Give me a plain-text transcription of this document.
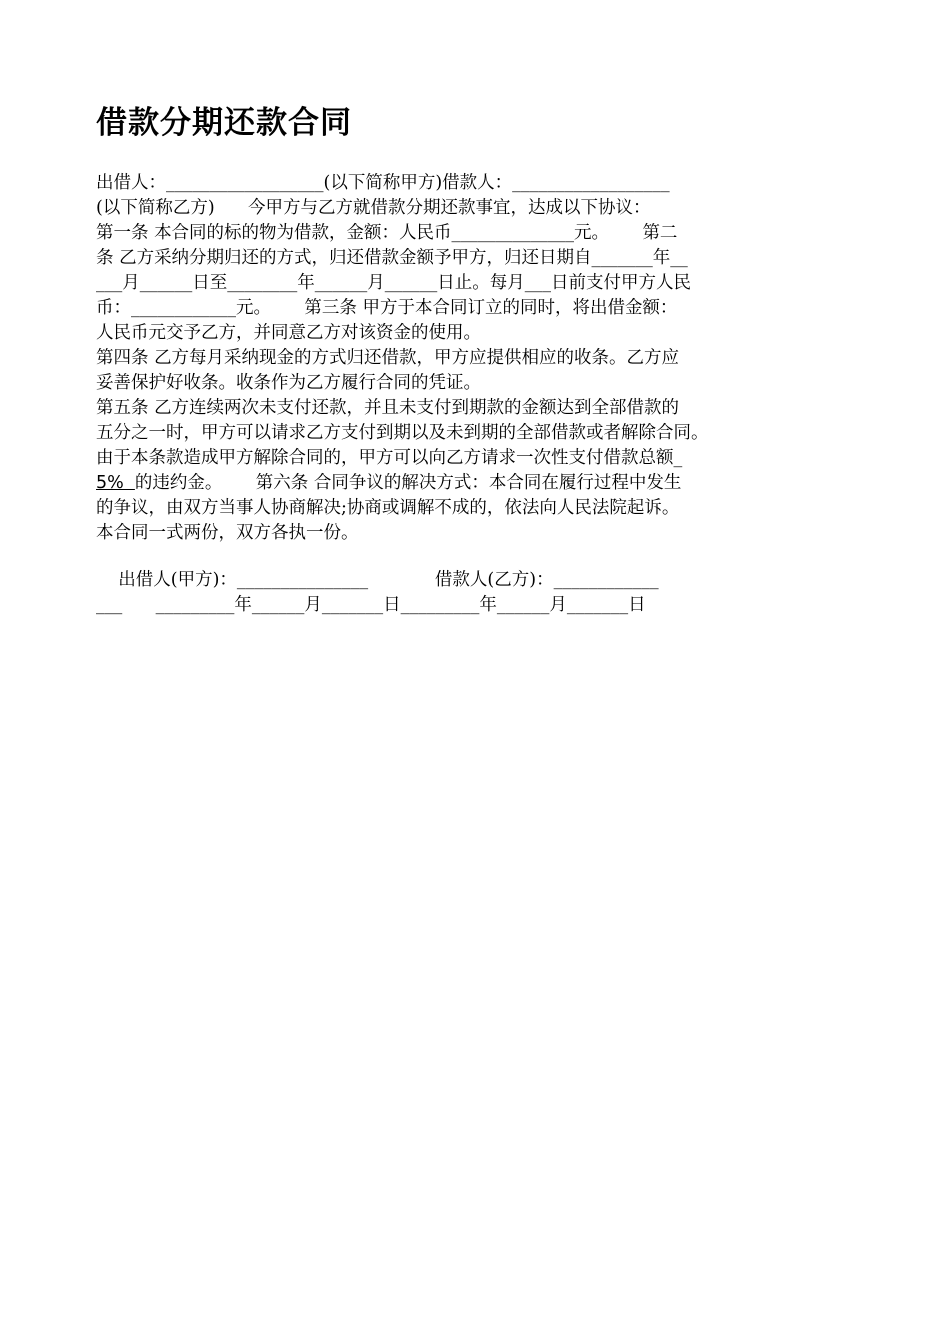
借款分期还款合同
出借人：__________________(以下简称甲方)借款人：__________________
(以下简称乙方)      今甲方与乙方就借款分期还款事宜，达成以下协议：
第一条 本合同的标的物为借款，金额：人民币______________元。      第二
条 乙方采纳分期归还的方式，归还借款金额予甲方，归还日期自_______年__
___月______日至________年______月______日止。每月___日前支付甲方人民
币：____________元。      第三条 甲方于本合同订立的同时，将出借金额：
人民币元交予乙方，并同意乙方对该资金的使用。
第四条 乙方每月采纳现金的方式归还借款，甲方应提供相应的收条。乙方应
妥善保护好收条。收条作为乙方履行合同的凭证。
第五条 乙方连续两次未支付还款，并且未支付到期款的金额达到全部借款的
五分之一时，甲方可以请求乙方支付到期以及未到期的全部借款或者解除合同。
由于本条款造成甲方解除合同的，甲方可以向乙方请求一次性支付借款总额_
5%  的违约金。      第六条 合同争议的解决方式：本合同在履行过程中发生
的争议，由双方当事人协商解决;协商或调解不成的，依法向人民法院起诉。
本合同一式两份，双方各执一份。
出借人(甲方)：_______________            借款人(乙方)：____________
___      _________年______月_______日_________年______月_______日
